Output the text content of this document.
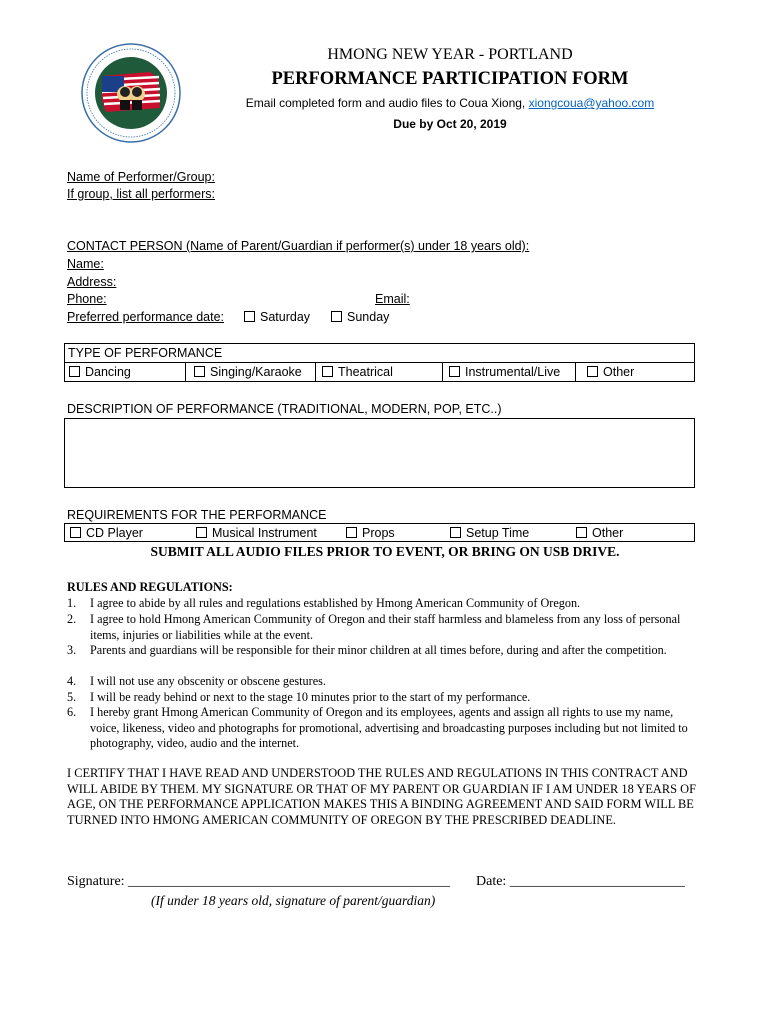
HMONG NEW YEAR - PORTLAND
PERFORMANCE PARTICIPATION FORM
Email completed form and audio files to Coua Xiong, xiongcoua@yahoo.com
Due by Oct 20, 2019
Name of Performer/Group:
If group, list all performers:
CONTACT PERSON (Name of Parent/Guardian if performer(s) under 18 years old):
Name:
Address:
Phone:	Email:
Preferred performance date:	Saturday	Sunday
TYPE OF PERFORMANCE
Dancing	Singing/Karaoke	Theatrical	Instrumental/Live	Other
DESCRIPTION OF PERFORMANCE (TRADITIONAL, MODERN, POP, ETC..)
REQUIREMENTS FOR THE PERFORMANCE
CD Player	Musical Instrument	Props	Setup Time	Other
SUBMIT ALL AUDIO FILES PRIOR TO EVENT, OR BRING ON USB DRIVE.
RULES AND REGULATIONS:
1. I agree to abide by all rules and regulations established by Hmong American Community of Oregon.
2. I agree to hold Hmong American Community of Oregon and their staff harmless and blameless from any loss of personal items, injuries or liabilities while at the event.
3. Parents and guardians will be responsible for their minor children at all times before, during and after the competition.
4. I will not use any obscenity or obscene gestures.
5. I will be ready behind or next to the stage 10 minutes prior to the start of my performance.
6. I hereby grant Hmong American Community of Oregon and its employees, agents and assign all rights to use my name, voice, likeness, video and photographs for promotional, advertising and broadcasting purposes including but not limited to photography, video, audio and the internet.
I CERTIFY THAT I HAVE READ AND UNDERSTOOD THE RULES AND REGULATIONS IN THIS CONTRACT AND WILL ABIDE BY THEM. MY SIGNATURE OR THAT OF MY PARENT OR GUARDIAN IF I AM UNDER 18 YEARS OF AGE, ON THE PERFORMANCE APPLICATION MAKES THIS A BINDING AGREEMENT AND SAID FORM WILL BE TURNED INTO HMONG AMERICAN COMMUNITY OF OREGON BY THE PRESCRIBED DEADLINE.
Signature: ______________________________________________ Date: _________________________
(If under 18 years old, signature of parent/guardian)
